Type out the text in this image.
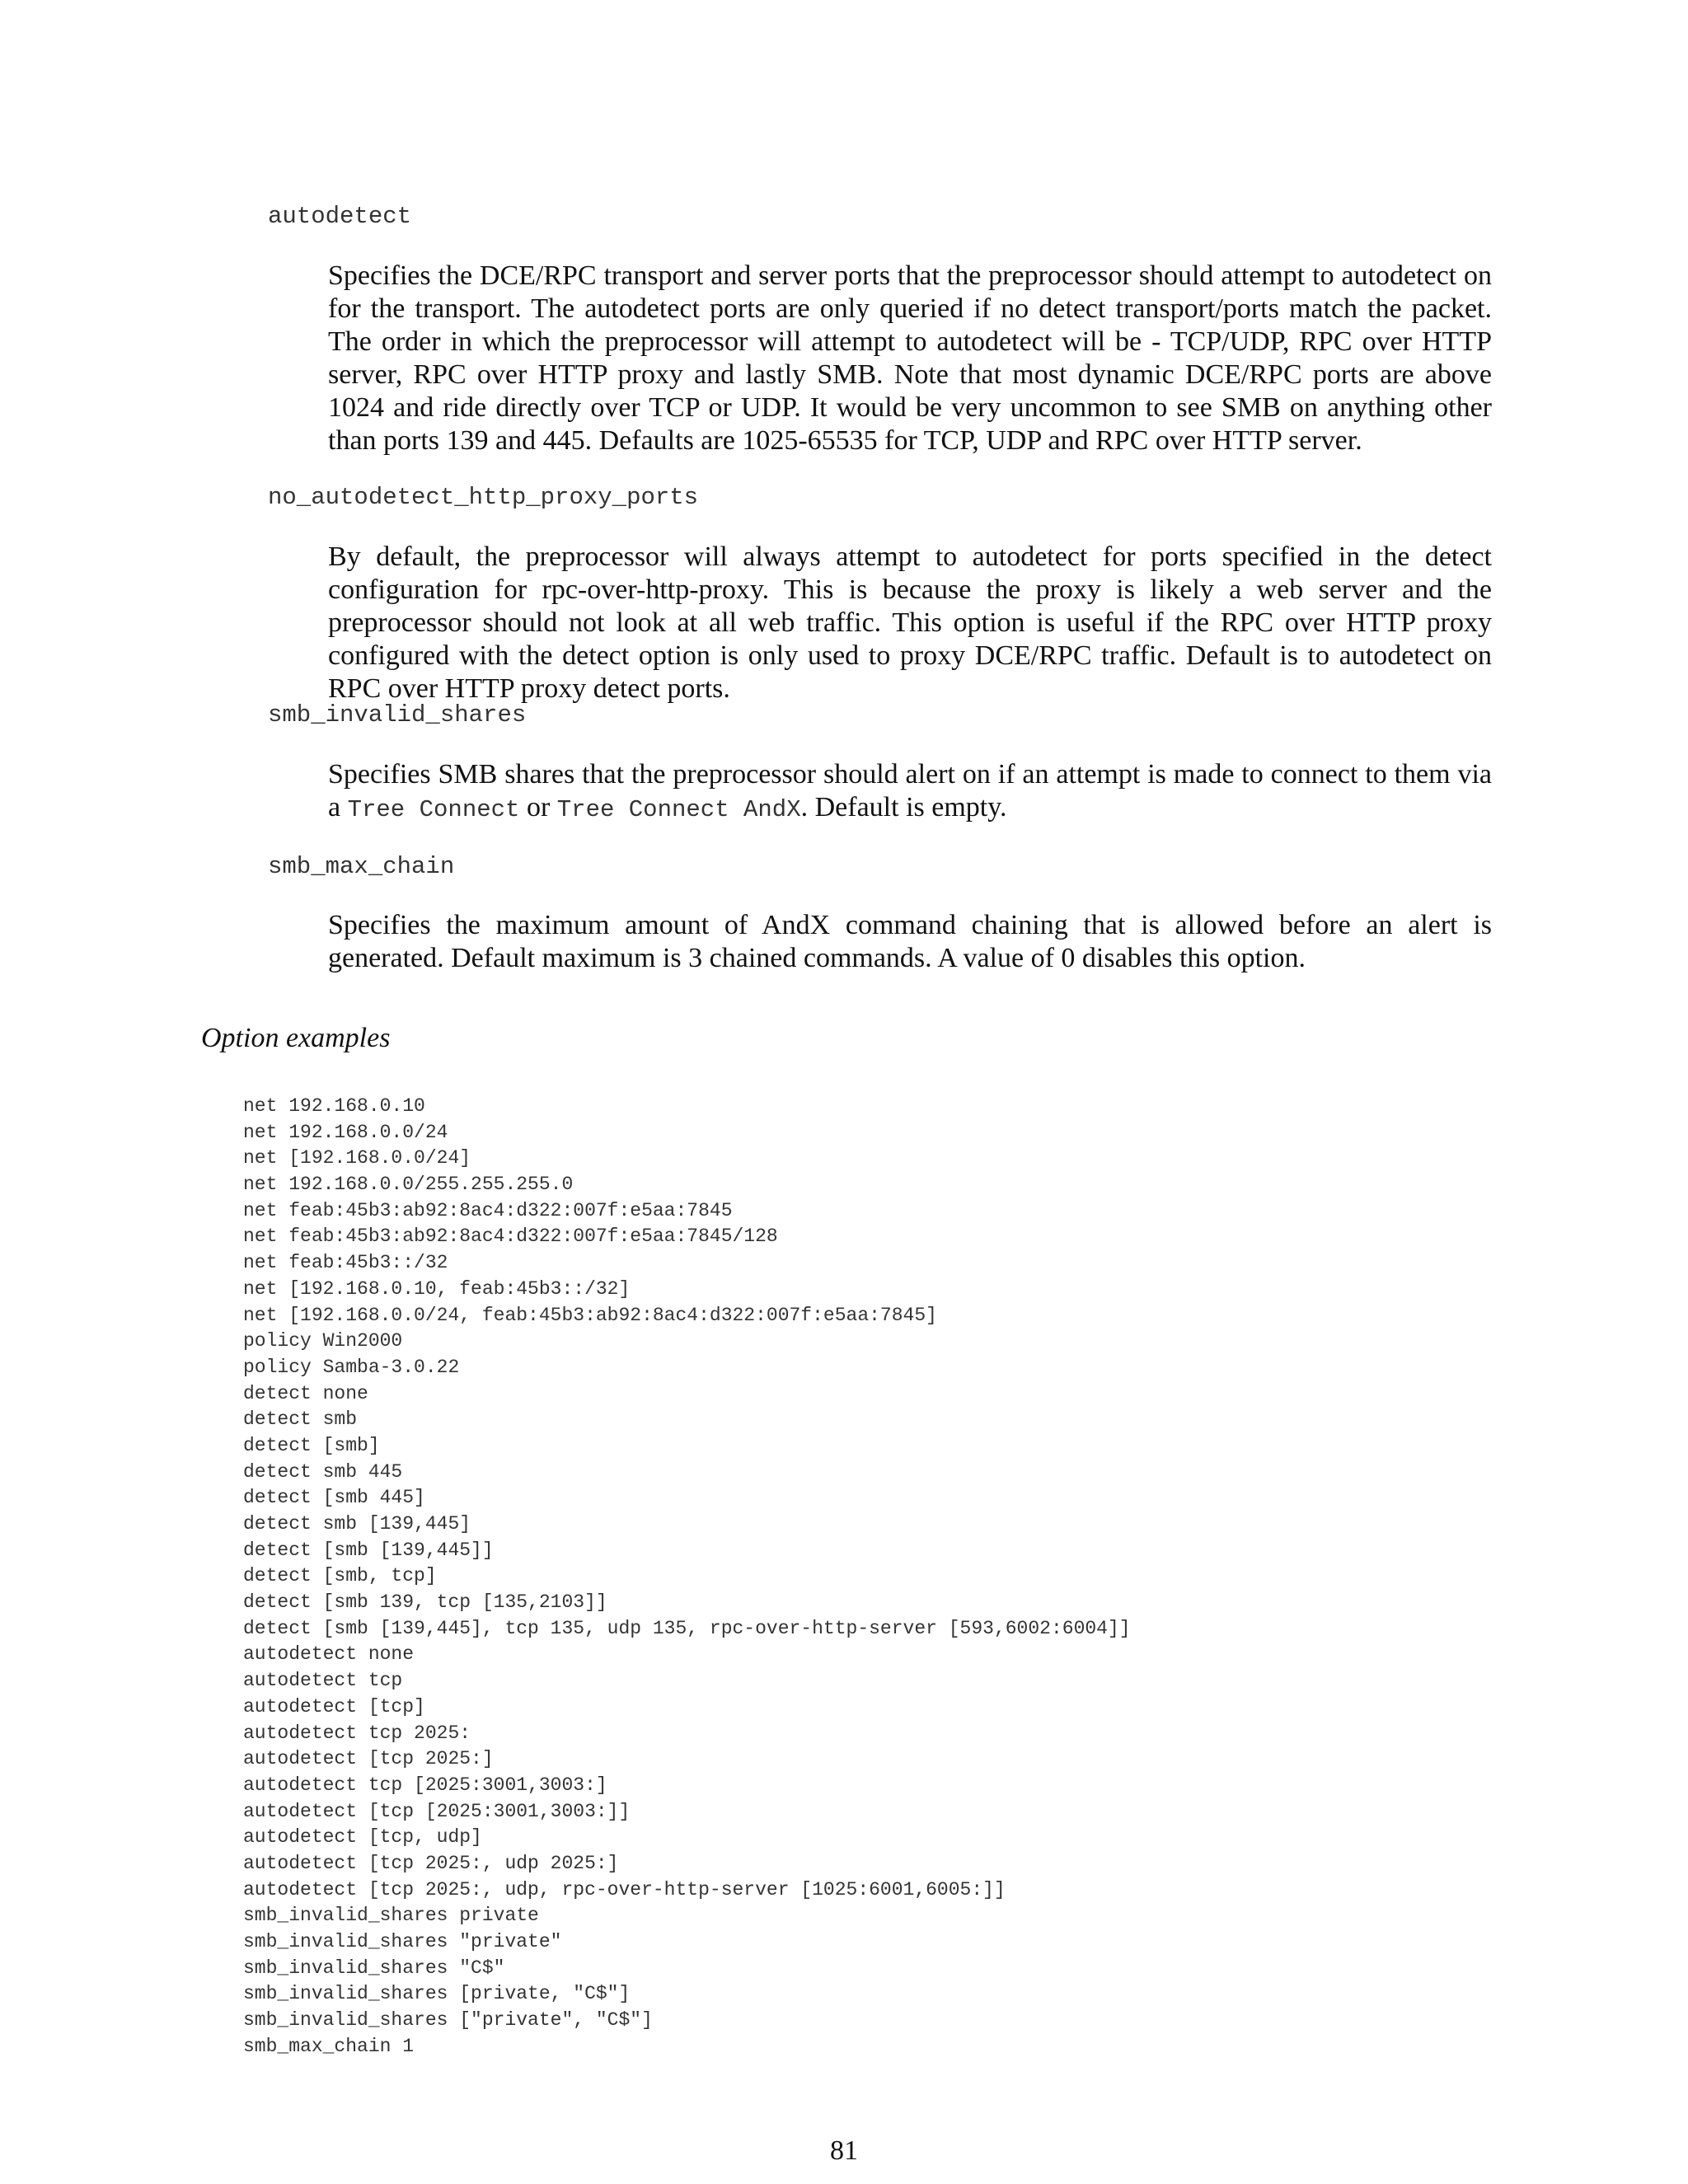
autodetect
Specifies the DCE/RPC transport and server ports that the preprocessor should attempt to autodetect on for the transport. The autodetect ports are only queried if no detect transport/ports match the packet. The order in which the preprocessor will attempt to autodetect will be - TCP/UDP, RPC over HTTP server, RPC over HTTP proxy and lastly SMB. Note that most dynamic DCE/RPC ports are above 1024 and ride directly over TCP or UDP. It would be very uncommon to see SMB on anything other than ports 139 and 445. Defaults are 1025-65535 for TCP, UDP and RPC over HTTP server.
no_autodetect_http_proxy_ports
By default, the preprocessor will always attempt to autodetect for ports specified in the detect configuration for rpc-over-http-proxy. This is because the proxy is likely a web server and the preprocessor should not look at all web traffic. This option is useful if the RPC over HTTP proxy configured with the detect option is only used to proxy DCE/RPC traffic. Default is to autodetect on RPC over HTTP proxy detect ports.
smb_invalid_shares
Specifies SMB shares that the preprocessor should alert on if an attempt is made to connect to them via a Tree Connect or Tree Connect AndX. Default is empty.
smb_max_chain
Specifies the maximum amount of AndX command chaining that is allowed before an alert is generated. Default maximum is 3 chained commands. A value of 0 disables this option.
Option examples
net 192.168.0.10
net 192.168.0.0/24
net [192.168.0.0/24]
net 192.168.0.0/255.255.255.0
net feab:45b3:ab92:8ac4:d322:007f:e5aa:7845
net feab:45b3:ab92:8ac4:d322:007f:e5aa:7845/128
net feab:45b3::/32
net [192.168.0.10, feab:45b3::/32]
net [192.168.0.0/24, feab:45b3:ab92:8ac4:d322:007f:e5aa:7845]
policy Win2000
policy Samba-3.0.22
detect none
detect smb
detect [smb]
detect smb 445
detect [smb 445]
detect smb [139,445]
detect [smb [139,445]]
detect [smb, tcp]
detect [smb 139, tcp [135,2103]]
detect [smb [139,445], tcp 135, udp 135, rpc-over-http-server [593,6002:6004]]
autodetect none
autodetect tcp
autodetect [tcp]
autodetect tcp 2025:
autodetect [tcp 2025:]
autodetect tcp [2025:3001,3003:]
autodetect [tcp [2025:3001,3003:]]
autodetect [tcp, udp]
autodetect [tcp 2025:, udp 2025:]
autodetect [tcp 2025:, udp, rpc-over-http-server [1025:6001,6005:]]
smb_invalid_shares private
smb_invalid_shares "private"
smb_invalid_shares "C$"
smb_invalid_shares [private, "C$"]
smb_invalid_shares ["private", "C$"]
smb_max_chain 1
81
